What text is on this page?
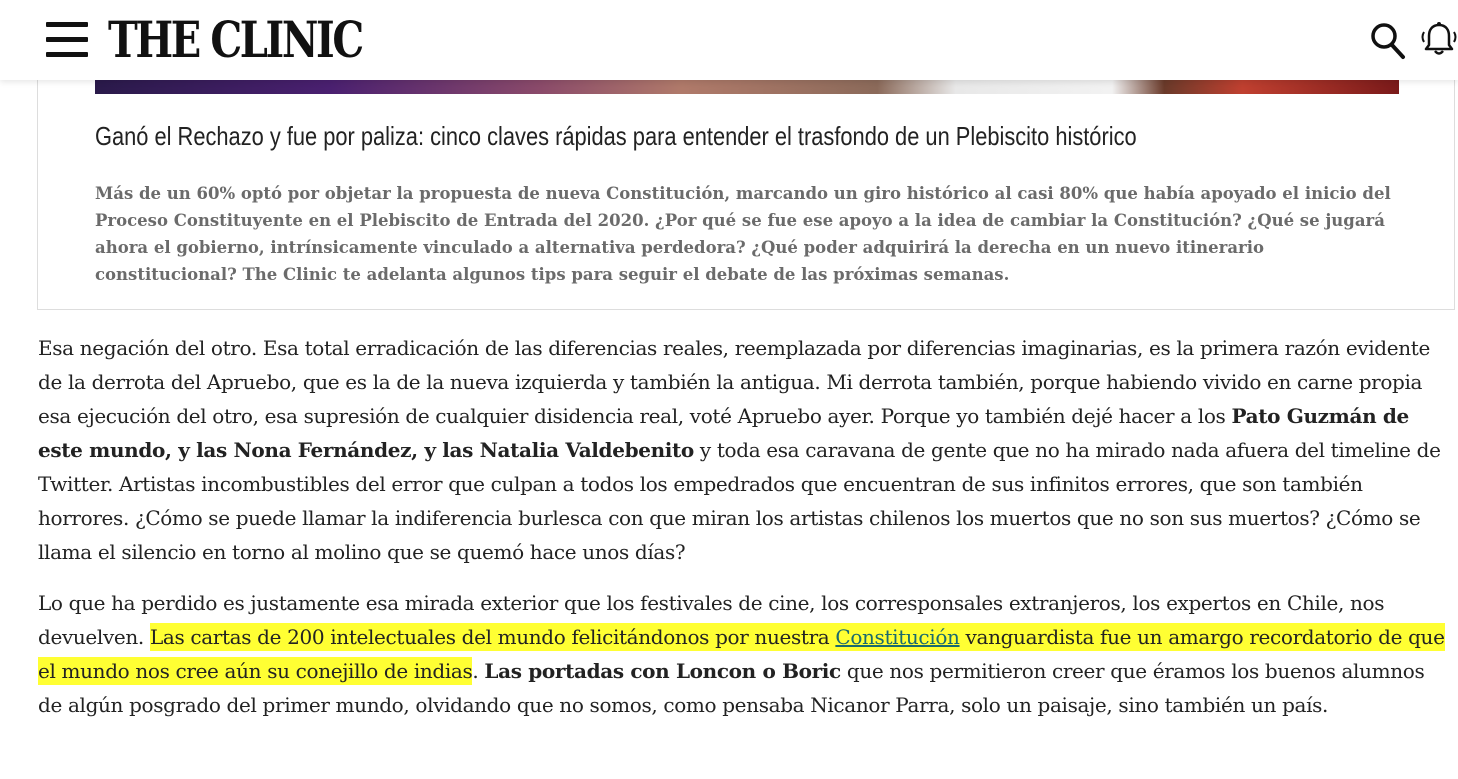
THE CLINIC
Ganó el Rechazo y fue por paliza: cinco claves rápidas para entender el trasfondo de un Plebiscito histórico
Más de un 60% optó por objetar la propuesta de nueva Constitución, marcando un giro histórico al casi 80% que había apoyado el inicio del Proceso Constituyente en el Plebiscito de Entrada del 2020. ¿Por qué se fue ese apoyo a la idea de cambiar la Constitución? ¿Qué se jugará ahora el gobierno, intrínsicamente vinculado a alternativa perdedora? ¿Qué poder adquirirá la derecha en un nuevo itinerario constitucional? The Clinic te adelanta algunos tips para seguir el debate de las próximas semanas.

Esa negación del otro. Esa total erradicación de las diferencias reales, reemplazada por diferencias imaginarias, es la primera razón evidente de la derrota del Apruebo, que es la de la nueva izquierda y también la antigua. Mi derrota también, porque habiendo vivido en carne propia esa ejecución del otro, esa supresión de cualquier disidencia real, voté Apruebo ayer. Porque yo también dejé hacer a los Pato Guzmán de este mundo, y las Nona Fernández, y las Natalia Valdebenito y toda esa caravana de gente que no ha mirado nada afuera del timeline de Twitter. Artistas incombustibles del error que culpan a todos los empedrados que encuentran de sus infinitos errores, que son también horrores. ¿Cómo se puede llamar la indiferencia burlesca con que miran los artistas chilenos los muertos que no son sus muertos? ¿Cómo se llama el silencio en torno al molino que se quemó hace unos días?

Lo que ha perdido es justamente esa mirada exterior que los festivales de cine, los corresponsales extranjeros, los expertos en Chile, nos devuelven. Las cartas de 200 intelectuales del mundo felicitándonos por nuestra Constitución vanguardista fue un amargo recordatorio de que el mundo nos cree aún su conejillo de indias. Las portadas con Loncon o Boric que nos permitieron creer que éramos los buenos alumnos de algún posgrado del primer mundo, olvidando que no somos, como pensaba Nicanor Parra, solo un paisaje, sino también un país.
